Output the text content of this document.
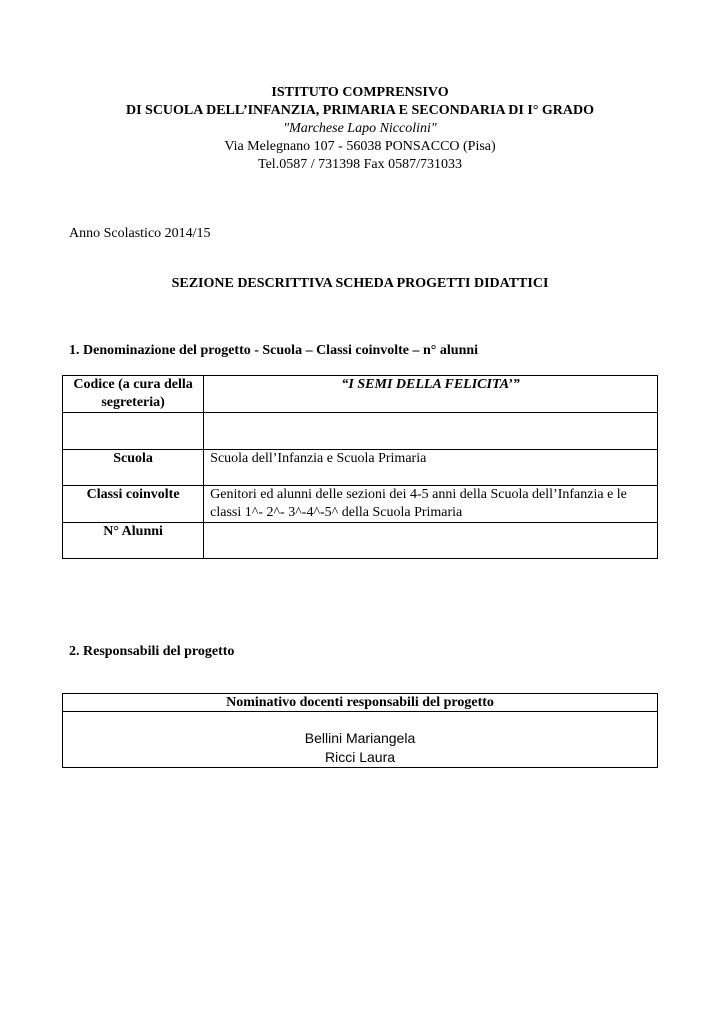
ISTITUTO COMPRENSIVO
DI SCUOLA DELL’INFANZIA, PRIMARIA E SECONDARIA DI I° GRADO
"Marchese Lapo Niccolini"
Via Melegnano 107 - 56038 PONSACCO (Pisa)
Tel.0587 / 731398 Fax 0587/731033
Anno Scolastico 2014/15
SEZIONE DESCRITTIVA SCHEDA PROGETTI DIDATTICI
1. Denominazione del progetto - Scuola – Classi coinvolte – n° alunni
Codice (a cura della segreteria)	“I SEMI DELLA FELICITA’”

Scuola	Scuola dell’Infanzia e Scuola Primaria
Classi coinvolte	Genitori ed alunni delle sezioni dei 4-5 anni della Scuola dell’Infanzia e le classi 1^- 2^- 3^-4^-5^ della Scuola Primaria
N° Alunni	
2. Responsabili del progetto
Nominativo docenti responsabili del progetto

Bellini Mariangela
Ricci Laura
